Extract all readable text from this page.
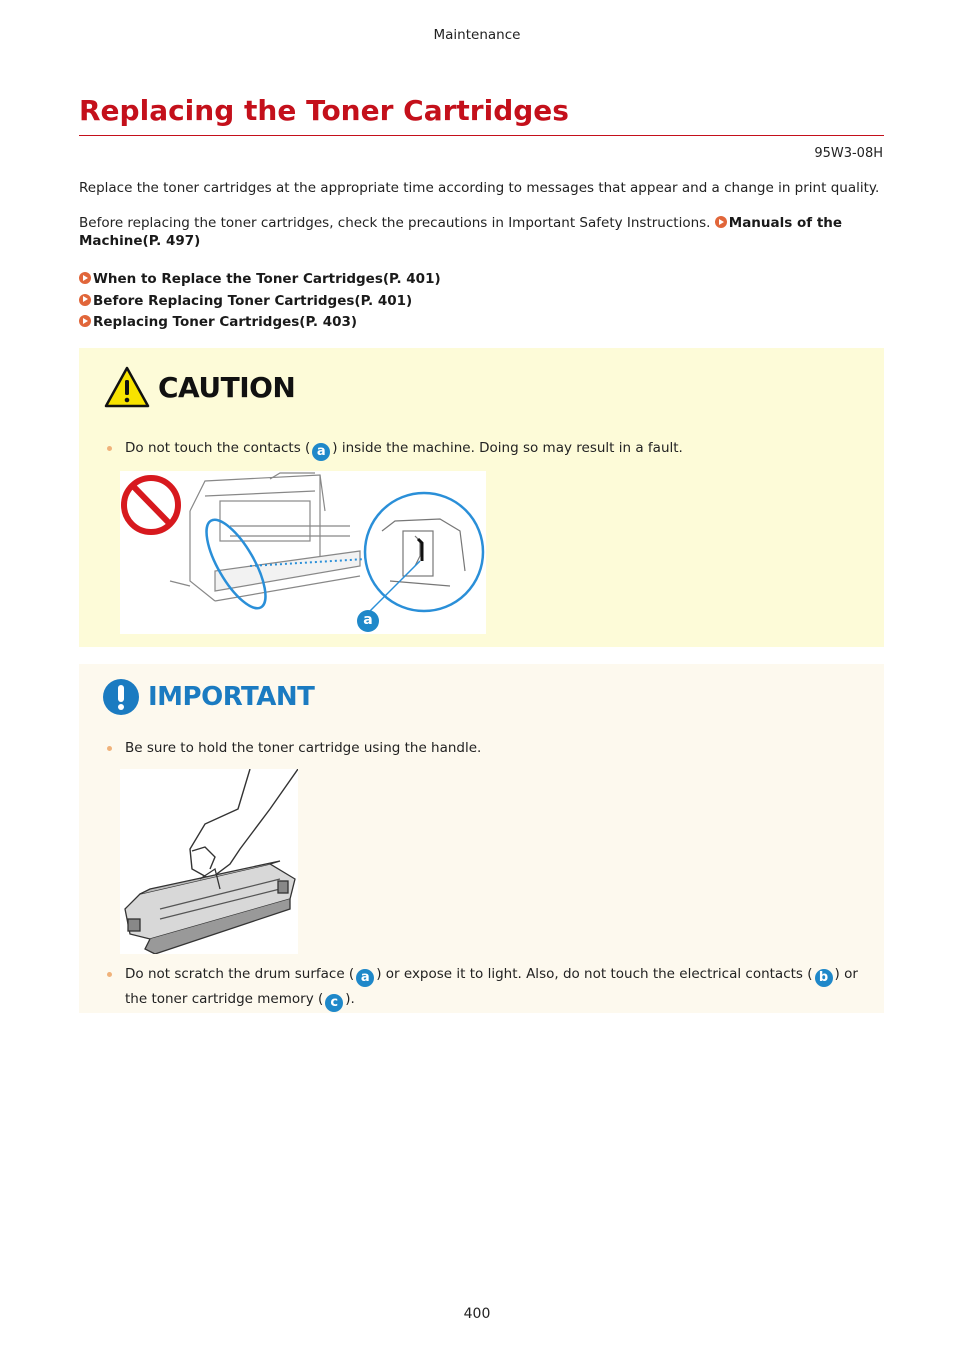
Maintenance
Replacing the Toner Cartridges
95W3-08H
Replace the toner cartridges at the appropriate time according to messages that appear and a change in print quality.
Before replacing the toner cartridges, check the precautions in Important Safety Instructions. Manuals of the Machine(P. 497)
When to Replace the Toner Cartridges(P. 401)
Before Replacing Toner Cartridges(P. 401)
Replacing Toner Cartridges(P. 403)
CAUTION
Do not touch the contacts ( a ) inside the machine. Doing so may result in a fault.
a
IMPORTANT
Be sure to hold the toner cartridge using the handle.
Do not scratch the drum surface ( a ) or expose it to light. Also, do not touch the electrical contacts ( b ) or
the toner cartridge memory ( c ).
400
